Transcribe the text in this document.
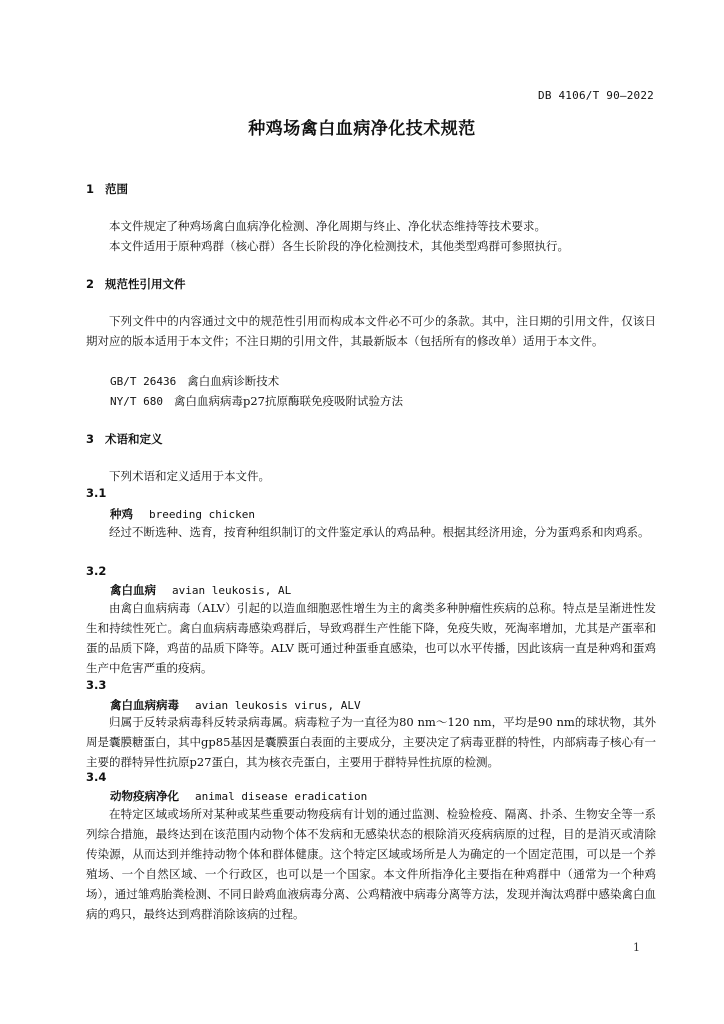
DB 4106/T 90—2022
种鸡场禽白血病净化技术规范
1 范围
本文件规定了种鸡场禽白血病净化检测、净化周期与终止、净化状态维持等技术要求。
本文件适用于原种鸡群（核心群）各生长阶段的净化检测技术，其他类型鸡群可参照执行。
2 规范性引用文件
下列文件中的内容通过文中的规范性引用而构成本文件必不可少的条款。其中，注日期的引用文件，仅该日期对应的版本适用于本文件；不注日期的引用文件，其最新版本（包括所有的修改单）适用于本文件。
GB/T 26436 禽白血病诊断技术
NY/T 680 禽白血病病毒p27抗原酶联免疫吸附试验方法
3 术语和定义
下列术语和定义适用于本文件。
3.1
种鸡 breeding chicken
经过不断选种、选育，按育种组织制订的文件鉴定承认的鸡品种。根据其经济用途，分为蛋鸡系和肉鸡系。
3.2
禽白血病 avian leukosis, AL
由禽白血病病毒（ALV）引起的以造血细胞恶性增生为主的禽类多种肿瘤性疾病的总称。特点是呈渐进性发生和持续性死亡。禽白血病病毒感染鸡群后，导致鸡群生产性能下降，免疫失败，死淘率增加，尤其是产蛋率和蛋的品质下降，鸡苗的品质下降等。ALV 既可通过种蛋垂直感染，也可以水平传播，因此该病一直是种鸡和蛋鸡生产中危害严重的疫病。
3.3
禽白血病病毒 avian leukosis virus, ALV
归属于反转录病毒科反转录病毒属。病毒粒子为一直径为80 nm～120 nm，平均是90 nm的球状物，其外周是囊膜糖蛋白，其中gp85基因是囊膜蛋白表面的主要成分，主要决定了病毒亚群的特性，内部病毒子核心有一主要的群特异性抗原p27蛋白，其为核衣壳蛋白，主要用于群特异性抗原的检测。
3.4
动物疫病净化 animal disease eradication
在特定区域或场所对某种或某些重要动物疫病有计划的通过监测、检验检疫、隔离、扑杀、生物安全等一系列综合措施，最终达到在该范围内动物个体不发病和无感染状态的根除消灭疫病病原的过程，目的是消灭或清除传染源，从而达到并维持动物个体和群体健康。这个特定区域或场所是人为确定的一个固定范围，可以是一个养殖场、一个自然区域、一个行政区，也可以是一个国家。本文件所指净化主要指在种鸡群中（通常为一个种鸡场），通过雏鸡胎粪检测、不同日龄鸡血液病毒分离、公鸡精液中病毒分离等方法，发现并淘汰鸡群中感染禽白血病的鸡只，最终达到鸡群消除该病的过程。
1
